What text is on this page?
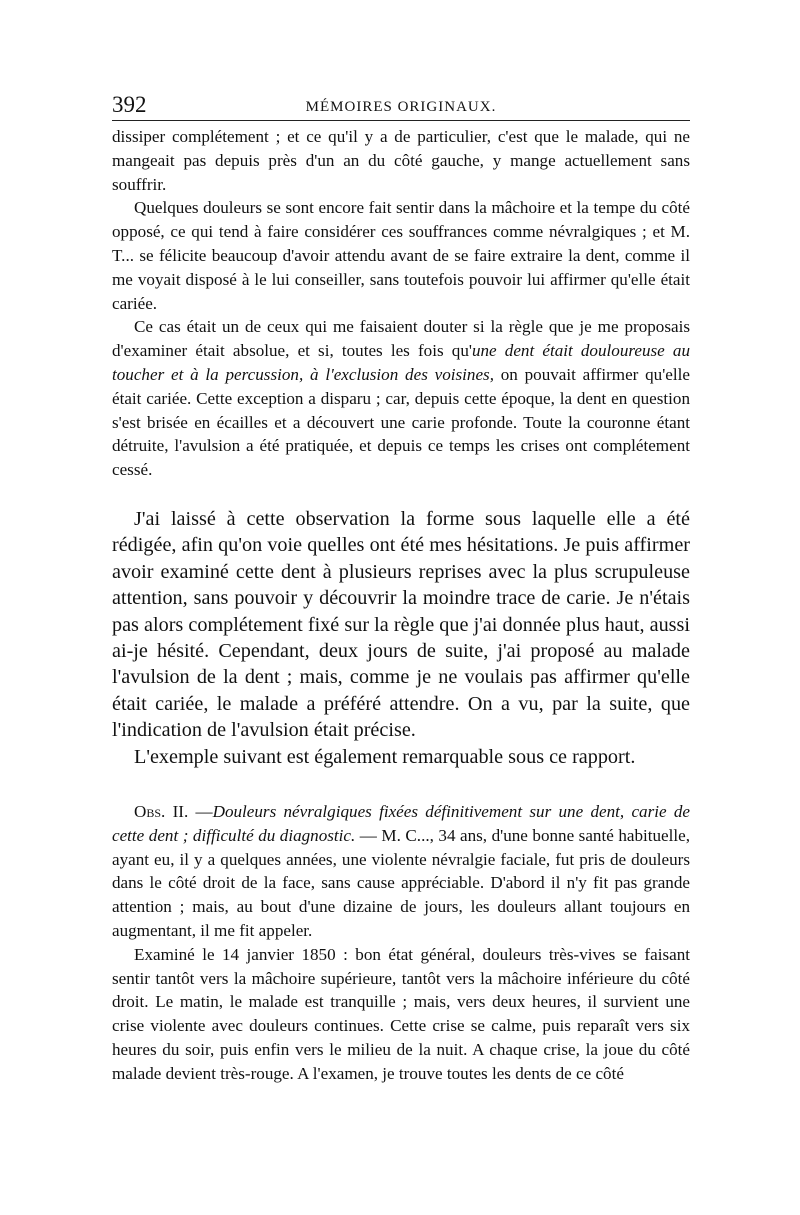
392	MÉMOIRES ORIGINAUX.

dissiper complétement ; et ce qu'il y a de particulier, c'est que le malade, qui ne mangeait pas depuis près d'un an du côté gauche, y mange actuellement sans souffrir.

Quelques douleurs se sont encore fait sentir dans la mâchoire et la tempe du côté opposé, ce qui tend à faire considérer ces souffrances comme névralgiques ; et M. T... se félicite beaucoup d'avoir attendu avant de se faire extraire la dent, comme il me voyait disposé à le lui conseiller, sans toutefois pouvoir lui affirmer qu'elle était cariée.

Ce cas était un de ceux qui me faisaient douter si la règle que je me proposais d'examiner était absolue, et si, toutes les fois qu'une dent était douloureuse au toucher et à la percussion, à l'exclusion des voisines, on pouvait affirmer qu'elle était cariée. Cette exception a disparu ; car, depuis cette époque, la dent en question s'est brisée en écailles et a découvert une carie profonde. Toute la couronne étant détruite, l'avulsion a été pratiquée, et depuis ce temps les crises ont complétement cessé.

J'ai laissé à cette observation la forme sous laquelle elle a été rédigée, afin qu'on voie quelles ont été mes hésitations. Je puis affirmer avoir examiné cette dent à plusieurs reprises avec la plus scrupuleuse attention, sans pouvoir y découvrir la moindre trace de carie. Je n'étais pas alors complétement fixé sur la règle que j'ai donnée plus haut, aussi ai-je hésité. Cependant, deux jours de suite, j'ai proposé au malade l'avulsion de la dent ; mais, comme je ne voulais pas affirmer qu'elle était cariée, le malade a préféré attendre. On a vu, par la suite, que l'indication de l'avulsion était précise.

L'exemple suivant est également remarquable sous ce rapport.

Obs. II. —Douleurs névralgiques fixées définitivement sur une dent, carie de cette dent ; difficulté du diagnostic. — M. C..., 34 ans, d'une bonne santé habituelle, ayant eu, il y a quelques années, une violente névralgie faciale, fut pris de douleurs dans le côté droit de la face, sans cause appréciable. D'abord il n'y fit pas grande attention ; mais, au bout d'une dizaine de jours, les douleurs allant toujours en augmentant, il me fit appeler.

Examiné le 14 janvier 1850 : bon état général, douleurs très-vives se faisant sentir tantôt vers la mâchoire supérieure, tantôt vers la mâchoire inférieure du côté droit. Le matin, le malade est tranquille ; mais, vers deux heures, il survient une crise violente avec douleurs continues. Cette crise se calme, puis reparaît vers six heures du soir, puis enfin vers le milieu de la nuit. A chaque crise, la joue du côté malade devient très-rouge. A l'examen, je trouve toutes les dents de ce côté
